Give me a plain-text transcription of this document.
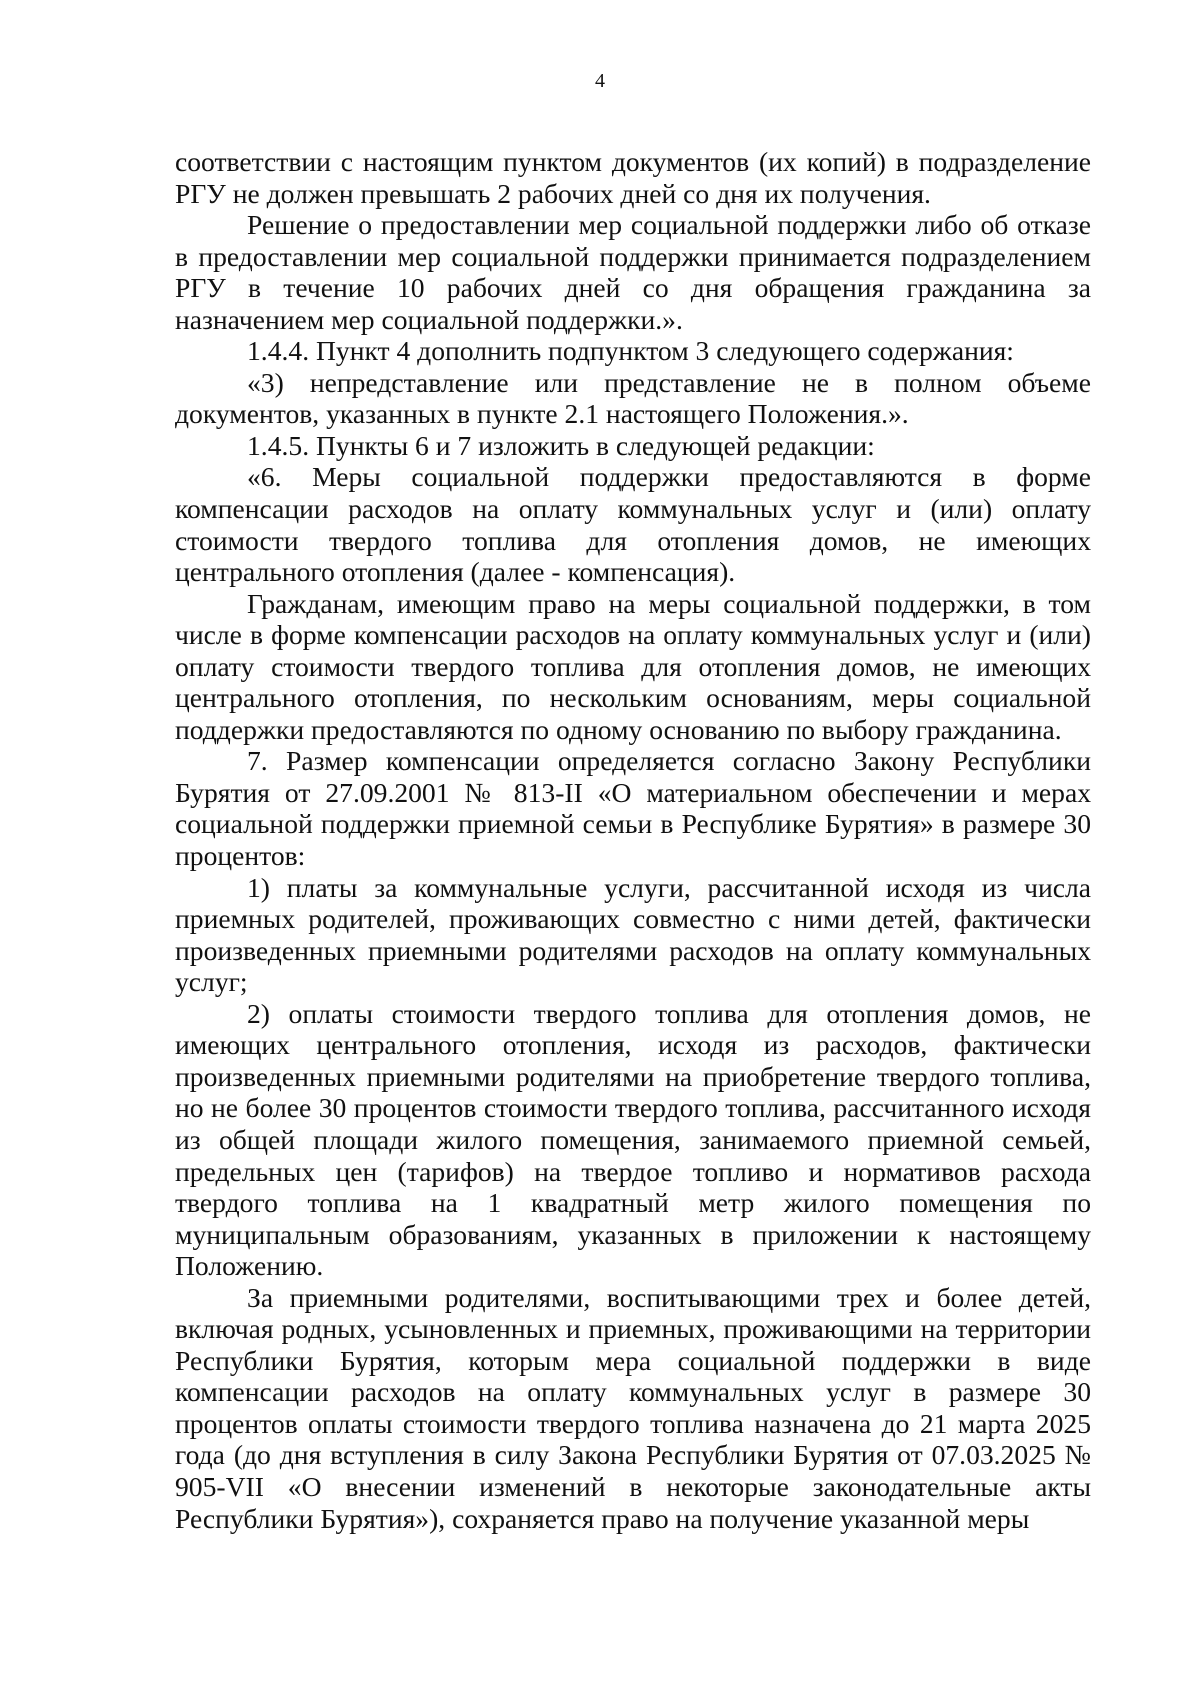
4

соответствии с настоящим пунктом документов (их копий) в подразделение РГУ не должен превышать 2 рабочих дней со дня их получения.

Решение о предоставлении мер социальной поддержки либо об отказе в предоставлении мер социальной поддержки принимается подразделением РГУ в течение 10 рабочих дней со дня обращения гражданина за назначением мер социальной поддержки.».

1.4.4. Пункт 4 дополнить подпунктом 3 следующего содержания:

«3) непредставление или представление не в полном объеме документов, указанных в пункте 2.1 настоящего Положения.».

1.4.5. Пункты 6 и 7 изложить в следующей редакции:

«6. Меры социальной поддержки предоставляются в форме компенсации расходов на оплату коммунальных услуг и (или) оплату стоимости твердого топлива для отопления домов, не имеющих центрального отопления (далее - компенсация).

Гражданам, имеющим право на меры социальной поддержки, в том числе в форме компенсации расходов на оплату коммунальных услуг и (или) оплату стоимости твердого топлива для отопления домов, не имеющих центрального отопления, по нескольким основаниям, меры социальной поддержки предоставляются по одному основанию по выбору гражданина.

7. Размер компенсации определяется согласно Закону Республики Бурятия от 27.09.2001 № 813-II «О материальном обеспечении и мерах социальной поддержки приемной семьи в Республике Бурятия» в размере 30 процентов:

1) платы за коммунальные услуги, рассчитанной исходя из числа приемных родителей, проживающих совместно с ними детей, фактически произведенных приемными родителями расходов на оплату коммунальных услуг;

2) оплаты стоимости твердого топлива для отопления домов, не имеющих центрального отопления, исходя из расходов, фактически произведенных приемными родителями на приобретение твердого топлива, но не более 30 процентов стоимости твердого топлива, рассчитанного исходя из общей площади жилого помещения, занимаемого приемной семьей, предельных цен (тарифов) на твердое топливо и нормативов расхода твердого топлива на 1 квадратный метр жилого помещения по муниципальным образованиям, указанных в приложении к настоящему Положению.

За приемными родителями, воспитывающими трех и более детей, включая родных, усыновленных и приемных, проживающими на территории Республики Бурятия, которым мера социальной поддержки в виде компенсации расходов на оплату коммунальных услуг в размере 30 процентов оплаты стоимости твердого топлива назначена до 21 марта 2025 года (до дня вступления в силу Закона Республики Бурятия от 07.03.2025 № 905-VII «О внесении изменений в некоторые законодательные акты Республики Бурятия»), сохраняется право на получение указанной меры
